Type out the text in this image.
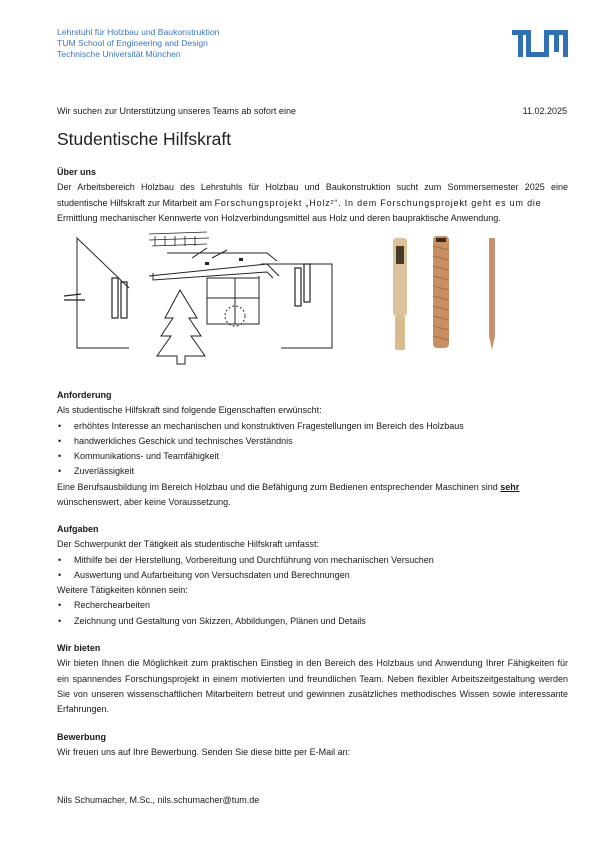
Lehrstuhl für Holzbau und Baukonstruktion
TUM School of Engineering and Design
Technische Universität München
Wir suchen zur Unterstützung unseres Teams ab sofort eine	11.02.2025
Studentische Hilfskraft
Über uns

Der Arbeitsbereich Holzbau des Lehrstuhls für Holzbau und Baukonstruktion sucht zum Sommersemester 2025 eine studentische Hilfskraft zur Mitarbeit am Forschungsprojekt „Holz²“. In dem Forschungsprojekt geht es um die

Ermittlung mechanischer Kennwerte von Holzverbindungsmittel aus Holz und deren baupraktische Anwendung.

Anforderung

Als studentische Hilfskraft sind folgende Eigenschaften erwünscht:

• erhöhtes Interesse an mechanischen und konstruktiven Fragestellungen im Bereich des Holzbaus
• handwerkliches Geschick und technisches Verständnis
• Kommunikations- und Teamfähigkeit
• Zuverlässigkeit

Eine Berufsausbildung im Bereich Holzbau und die Befähigung zum Bedienen entsprechender Maschinen sind sehr wünschenswert, aber keine Voraussetzung.

Aufgaben

Der Schwerpunkt der Tätigkeit als studentische Hilfskraft umfasst:

• Mithilfe bei der Herstellung, Vorbereitung und Durchführung von mechanischen Versuchen
• Auswertung und Aufarbeitung von Versuchsdaten und Berechnungen

Weitere Tätigkeiten können sein:

• Recherchearbeiten
• Zeichnung und Gestaltung von Skizzen, Abbildungen, Plänen und Details
Wir bieten

Wir bieten Ihnen die Möglichkeit zum praktischen Einstieg in den Bereich des Holzbaus und Anwendung Ihrer Fähigkeiten für ein spannendes Forschungsprojekt in einem motivierten und freundlichen Team. Neben flexibler Arbeitszeitgestaltung werden Sie von unseren wissenschaftlichen Mitarbeitern betreut und gewinnen zusätzliches methodisches Wissen sowie interessante Erfahrungen.

Bewerbung

Wir freuen uns auf Ihre Bewerbung. Senden Sie diese bitte per E-Mail an:

Nils Schumacher, M.Sc., nils.schumacher@tum.de
